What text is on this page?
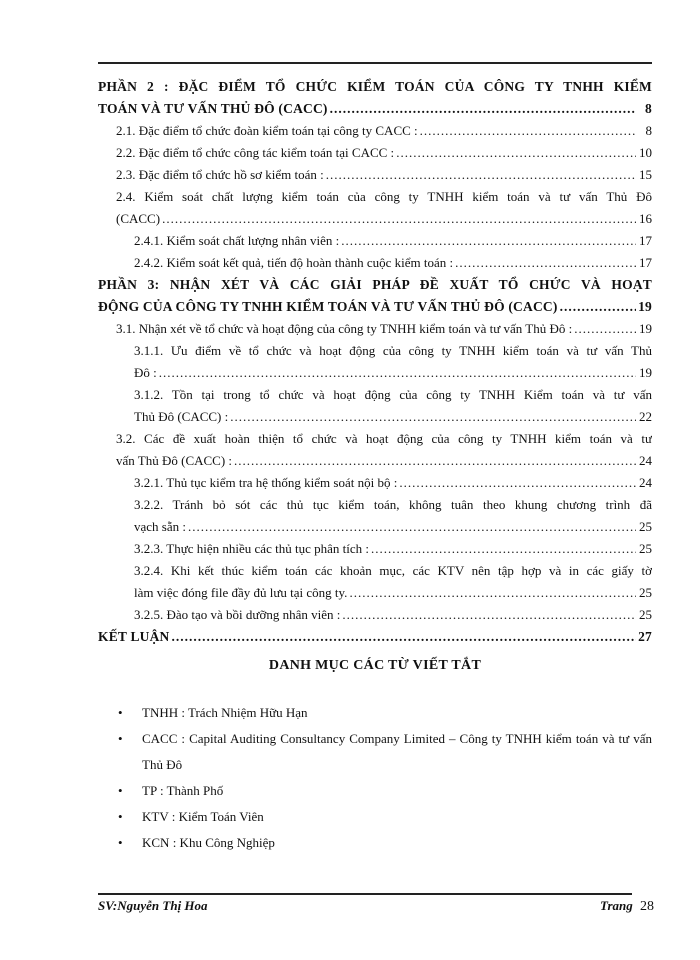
PHẦN 2 : ĐẶC ĐIỂM TỔ CHỨC KIỂM TOÁN CỦA CÔNG TY TNHH KIỂM
TOÁN VÀ TƯ VẤN THỦ ĐÔ (CACC) .....	8
2.1. Đặc điểm tổ chức đoàn kiểm toán tại công ty CACC : .....	8
2.2. Đặc điểm tổ chức công tác kiểm toán tại CACC : .....	10
2.3. Đặc điểm tổ chức hồ sơ kiểm toán : .....	15
2.4. Kiểm soát chất lượng kiểm toán của công ty TNHH kiểm toán và tư vấn Thủ Đô
(CACC) .....	16
2.4.1. Kiểm soát chất lượng nhân viên : .....	17
2.4.2. Kiểm soát kết quả, tiến độ hoàn thành cuộc kiểm toán : .....	17
PHẦN 3: NHẬN XÉT VÀ CÁC GIẢI PHÁP ĐỀ XUẤT TỔ CHỨC VÀ HOẠT
ĐỘNG CỦA CÔNG TY TNHH KIỂM TOÁN VÀ TƯ VẤN THỦ ĐÔ (CACC) .....	19
3.1. Nhận xét về tổ chức và hoạt động của công ty TNHH kiểm toán và tư vấn Thủ Đô : .....	19
3.1.1. Ưu điểm về tổ chức và hoạt động của công ty TNHH kiểm toán và tư vấn Thủ
Đô : .....	19
3.1.2. Tồn tại trong tổ chức và hoạt động của công ty TNHH Kiểm toán và tư vấn
Thủ Đô (CACC) : .....	22
3.2. Các đề xuất hoàn thiện tổ chức và hoạt động của công ty TNHH kiểm toán và tư
vấn Thủ Đô (CACC) : .....	24
3.2.1. Thủ tục kiểm tra hệ thống kiểm soát nội bộ : .....	24
3.2.2. Tránh bỏ sót các thủ tục kiểm toán, không tuân theo khung chương trình đã
vạch sẵn : .....	25
3.2.3. Thực hiện nhiều các thủ tục phân tích : .....	25
3.2.4. Khi kết thúc kiểm toán các khoản mục, các KTV nên tập hợp và in các giấy tờ
làm việc đóng file đầy đủ lưu tại công ty. .....	25
3.2.5. Đào tạo và bồi dưỡng nhân viên : .....	25
KẾT LUẬN .....	27
DANH MỤC CÁC TỪ VIẾT TẮT
• TNHH : Trách Nhiệm Hữu Hạn
• CACC : Capital Auditing Consultancy Company Limited – Công ty TNHH kiểm toán và tư vấn Thủ Đô
• TP : Thành Phố
• KTV : Kiểm Toán Viên
• KCN : Khu Công Nghiệp
SV:Nguyễn Thị Hoa	Trang 28
